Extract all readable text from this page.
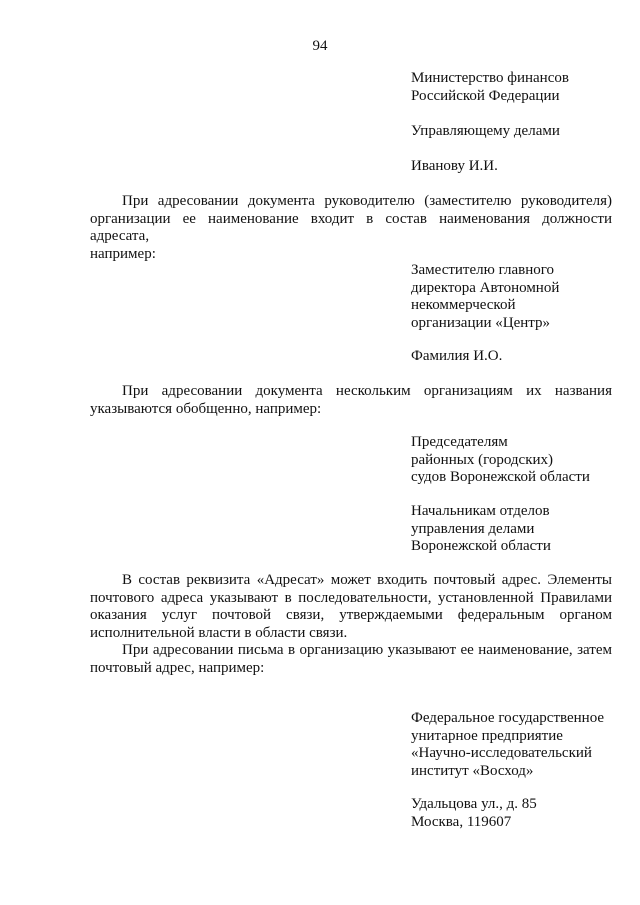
94
Министерство финансов
Российской Федерации
Управляющему делами
Иванову И.И.
При адресовании документа руководителю (заместителю руководителя)
организации ее наименование входит в состав наименования должности адресата,
например:
Заместителю главного
директора Автономной
некоммерческой
организации «Центр»
Фамилия И.О.
При адресовании документа нескольким организациям их названия
указываются обобщенно, например:
Председателям
районных (городских)
судов Воронежской области
Начальникам отделов
управления делами
Воронежской области
В состав реквизита «Адресат» может входить почтовый адрес. Элементы
почтового адреса указывают в последовательности, установленной Правилами
оказания услуг почтовой связи, утверждаемыми федеральным органом
исполнительной власти в области связи.
При адресовании письма в организацию указывают ее наименование, затем
почтовый адрес, например:
Федеральное государственное
унитарное предприятие
«Научно-исследовательский
институт «Восход»
Удальцова ул., д. 85
Москва, 119607
